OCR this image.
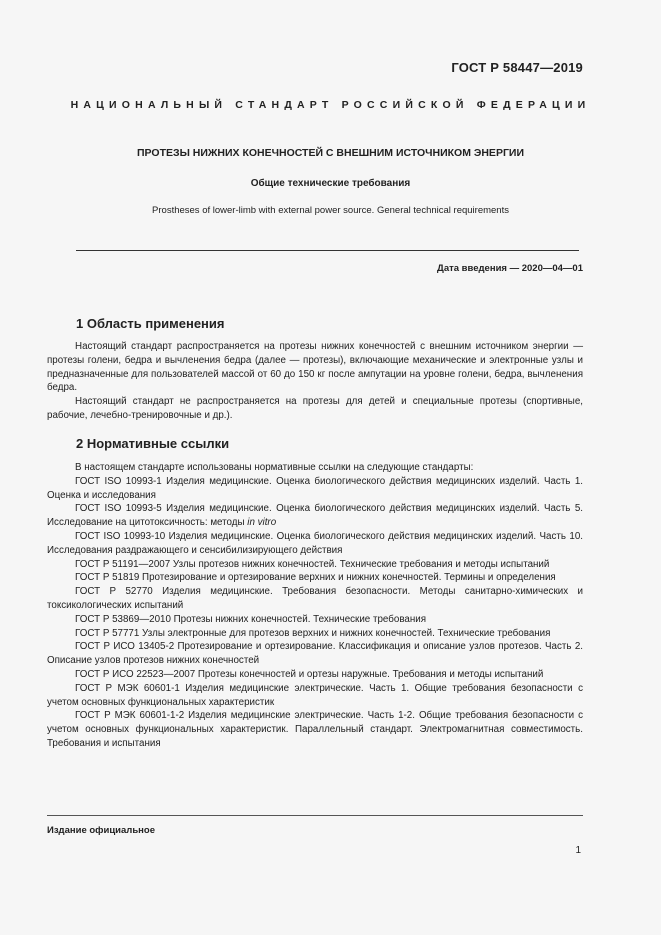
ГОСТ Р 58447—2019
НАЦИОНАЛЬНЫЙ СТАНДАРТ РОССИЙСКОЙ ФЕДЕРАЦИИ
ПРОТЕЗЫ НИЖНИХ КОНЕЧНОСТЕЙ С ВНЕШНИМ ИСТОЧНИКОМ ЭНЕРГИИ
Общие технические требования
Prostheses of lower-limb with external power source. General technical requirements
Дата введения — 2020—04—01
1 Область применения

Настоящий стандарт распространяется на протезы нижних конечностей с внешним источником энергии — протезы голени, бедра и вычленения бедра (далее — протезы), включающие механические и электронные узлы и предназначенные для пользователей массой от 60 до 150 кг после ампутации на уровне голени, бедра, вычленения бедра.

Настоящий стандарт не распространяется на протезы для детей и специальные протезы (спортивные, рабочие, лечебно-тренировочные и др.).

2 Нормативные ссылки

В настоящем стандарте использованы нормативные ссылки на следующие стандарты:

ГОСТ ISO 10993-1 Изделия медицинские. Оценка биологического действия медицинских изделий. Часть 1. Оценка и исследования

ГОСТ ISO 10993-5 Изделия медицинские. Оценка биологического действия медицинских изделий. Часть 5. Исследование на цитотоксичность: методы in vitro

ГОСТ ISO 10993-10 Изделия медицинские. Оценка биологического действия медицинских изделий. Часть 10. Исследования раздражающего и сенсибилизирующего действия

ГОСТ Р 51191—2007 Узлы протезов нижних конечностей. Технические требования и методы испытаний

ГОСТ Р 51819 Протезирование и ортезирование верхних и нижних конечностей. Термины и определения

ГОСТ Р 52770 Изделия медицинские. Требования безопасности. Методы санитарно-химических и токсикологических испытаний

ГОСТ Р 53869—2010 Протезы нижних конечностей. Технические требования

ГОСТ Р 57771 Узлы электронные для протезов верхних и нижних конечностей. Технические требования

ГОСТ Р ИСО 13405-2 Протезирование и ортезирование. Классификация и описание узлов протезов. Часть 2. Описание узлов протезов нижних конечностей

ГОСТ Р ИСО 22523—2007 Протезы конечностей и ортезы наружные. Требования и методы испытаний

ГОСТ Р МЭК 60601-1 Изделия медицинские электрические. Часть 1. Общие требования безопасности с учетом основных функциональных характеристик

ГОСТ Р МЭК 60601-1-2 Изделия медицинские электрические. Часть 1-2. Общие требования безопасности с учетом основных функциональных характеристик. Параллельный стандарт. Электромагнитная совместимость. Требования и испытания

Издание официальное
1
